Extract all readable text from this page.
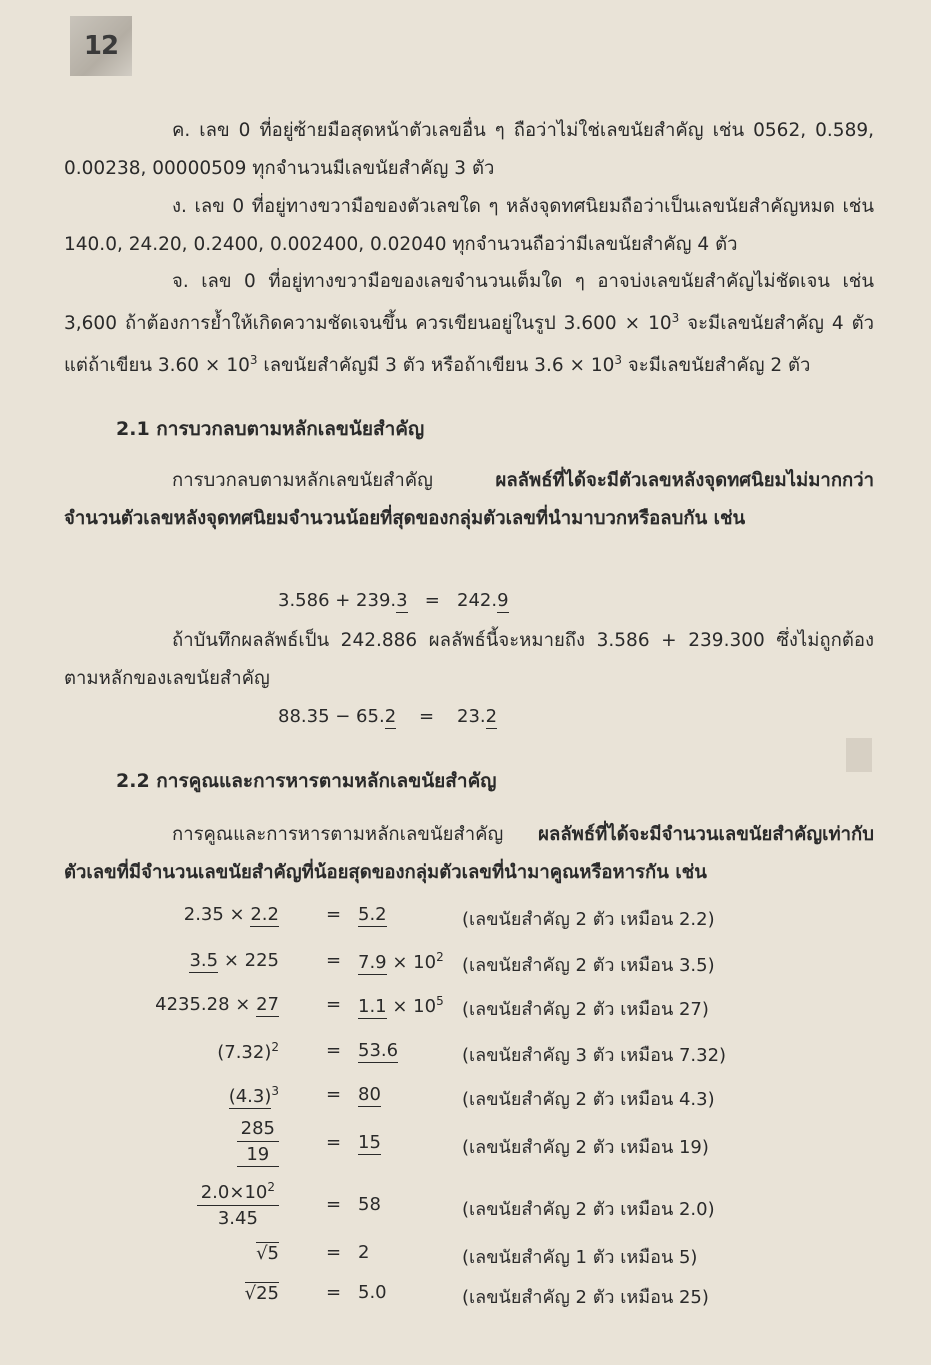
12
ค. เลข 0 ที่อยู่ซ้ายมือสุดหน้าตัวเลขอื่น ๆ ถือว่าไม่ใช่เลขนัยสำคัญ เช่น 0562, 0.589, 0.00238, 00000509 ทุกจำนวนมีเลขนัยสำคัญ 3 ตัว
ง. เลข 0 ที่อยู่ทางขวามือของตัวเลขใด ๆ หลังจุดทศนิยมถือว่าเป็นเลขนัยสำคัญหมด เช่น 140.0, 24.20, 0.2400, 0.002400, 0.02040 ทุกจำนวนถือว่ามีเลขนัยสำคัญ 4 ตัว
จ. เลข 0 ที่อยู่ทางขวามือของเลขจำนวนเต็มใด ๆ อาจบ่งเลขนัยสำคัญไม่ชัดเจน เช่น 3,600 ถ้าต้องการย้ำให้เกิดความชัดเจนขึ้น ควรเขียนอยู่ในรูป $3.600 \times 10^3$ จะมีเลขนัยสำคัญ 4 ตัว แต่ถ้าเขียน $3.60 \times 10^3$ เลขนัยสำคัญมี 3 ตัว หรือถ้าเขียน $3.6 \times 10^3$ จะมีเลขนัยสำคัญ 2 ตัว
2.1 การบวกลบตามหลักเลขนัยสำคัญ
การบวกลบตามหลักเลขนัยสำคัญ ผลลัพธ์ที่ได้จะมีตัวเลขหลังจุดทศนิยมไม่มากกว่าจำนวนตัวเลขหลังจุดทศนิยมจำนวนน้อยที่สุดของกลุ่มตัวเลขที่นำมาบวกหรือลบกัน เช่น
3.586 + 239.3 = 242.9
ถ้าบันทึกผลลัพธ์เป็น 242.886 ผลลัพธ์นี้จะหมายถึง 3.586 + 239.300 ซึ่งไม่ถูกต้องตามหลักของเลขนัยสำคัญ
88.35 − 65.2 = 23.2
2.2 การคูณและการหารตามหลักเลขนัยสำคัญ
การคูณและการหารตามหลักเลขนัยสำคัญ ผลลัพธ์ที่ได้จะมีจำนวนเลขนัยสำคัญเท่ากับตัวเลขที่มีจำนวนเลขนัยสำคัญที่น้อยสุดของกลุ่มตัวเลขที่นำมาคูณหรือหารกัน เช่น
2.35 × 2.2	= 5.2	(เลขนัยสำคัญ 2 ตัว เหมือน 2.2)
3.5 × 225	= $7.9 \times 10^2$ (เลขนัยสำคัญ 2 ตัว เหมือน 3.5)
4235.28 × 27	= $1.1 \times 10^5$ (เลขนัยสำคัญ 2 ตัว เหมือน 27)
$(7.32)^2$	= 53.6	(เลขนัยสำคัญ 3 ตัว เหมือน 7.32)
$(4.3)^3$	= 80	(เลขนัยสำคัญ 2 ตัว เหมือน 4.3)
$\frac{285}{19}$	= 15	(เลขนัยสำคัญ 2 ตัว เหมือน 19)
$\frac{2.0\times 10^2}{3.45}$	= 58	(เลขนัยสำคัญ 2 ตัว เหมือน 2.0)
√5	= 2	(เลขนัยสำคัญ 1 ตัว เหมือน 5)
√25	= 5.0	(เลขนัยสำคัญ 2 ตัว เหมือน 25)
